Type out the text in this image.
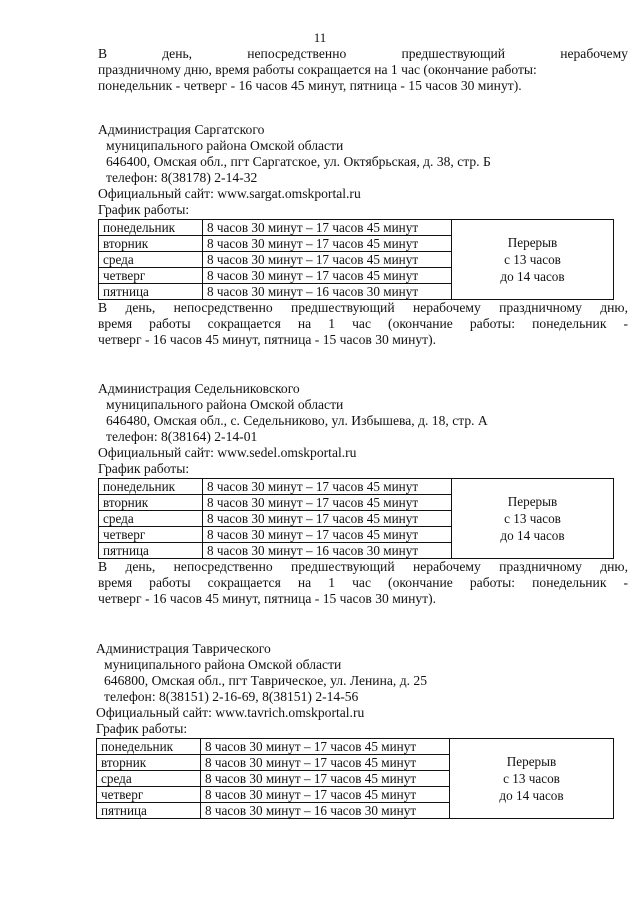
11
В	день,	непосредственно	предшествующий	нерабочему
праздничному дню, время работы сокращается на 1 час (окончание работы:
понедельник - четверг - 16 часов 45 минут, пятница - 15 часов 30 минут).
Администрация Саргатского
муниципального района Омской области
646400, Омская обл., пгт Саргатское, ул. Октябрьская, д. 38, стр. Б
телефон: 8(38178) 2-14-32
Официальный сайт: www.sargat.omskportal.ru
График работы:
понедельник	8 часов 30 минут – 17 часов 45 минут	Перерыв
с 13 часов
до 14 часов

вторник	8 часов 30 минут – 17 часов 45 минут	
среда	8 часов 30 минут – 17 часов 45 минут	
четверг	8 часов 30 минут – 17 часов 45 минут	
пятница	8 часов 30 минут – 16 часов 30 минут	
В день, непосредственно предшествующий нерабочему праздничному дню,
время работы сокращается на 1 час (окончание работы: понедельник -
четверг - 16 часов 45 минут, пятница - 15 часов 30 минут).
Администрация Седельниковского
муниципального района Омской области
646480, Омская обл., с. Седельниково, ул. Избышева, д. 18, стр. А
телефон: 8(38164) 2-14-01
Официальный сайт: www.sedel.omskportal.ru
График работы:
понедельник	8 часов 30 минут – 17 часов 45 минут	Перерыв
с 13 часов
до 14 часов

вторник	8 часов 30 минут – 17 часов 45 минут	
среда	8 часов 30 минут – 17 часов 45 минут	
четверг	8 часов 30 минут – 17 часов 45 минут	
пятница	8 часов 30 минут – 16 часов 30 минут	
В день, непосредственно предшествующий нерабочему праздничному дню,
время работы сокращается на 1 час (окончание работы: понедельник -
четверг - 16 часов 45 минут, пятница - 15 часов 30 минут).
Администрация Таврического
муниципального района Омской области
646800, Омская обл., пгт Таврическое, ул. Ленина, д. 25
телефон: 8(38151) 2-16-69, 8(38151) 2-14-56
Официальный сайт: www.tavrich.omskportal.ru
График работы:
понедельник	8 часов 30 минут – 17 часов 45 минут	Перерыв
с 13 часов
до 14 часов

вторник	8 часов 30 минут – 17 часов 45 минут	
среда	8 часов 30 минут – 17 часов 45 минут	
четверг	8 часов 30 минут – 17 часов 45 минут	
пятница	8 часов 30 минут – 16 часов 30 минут	
